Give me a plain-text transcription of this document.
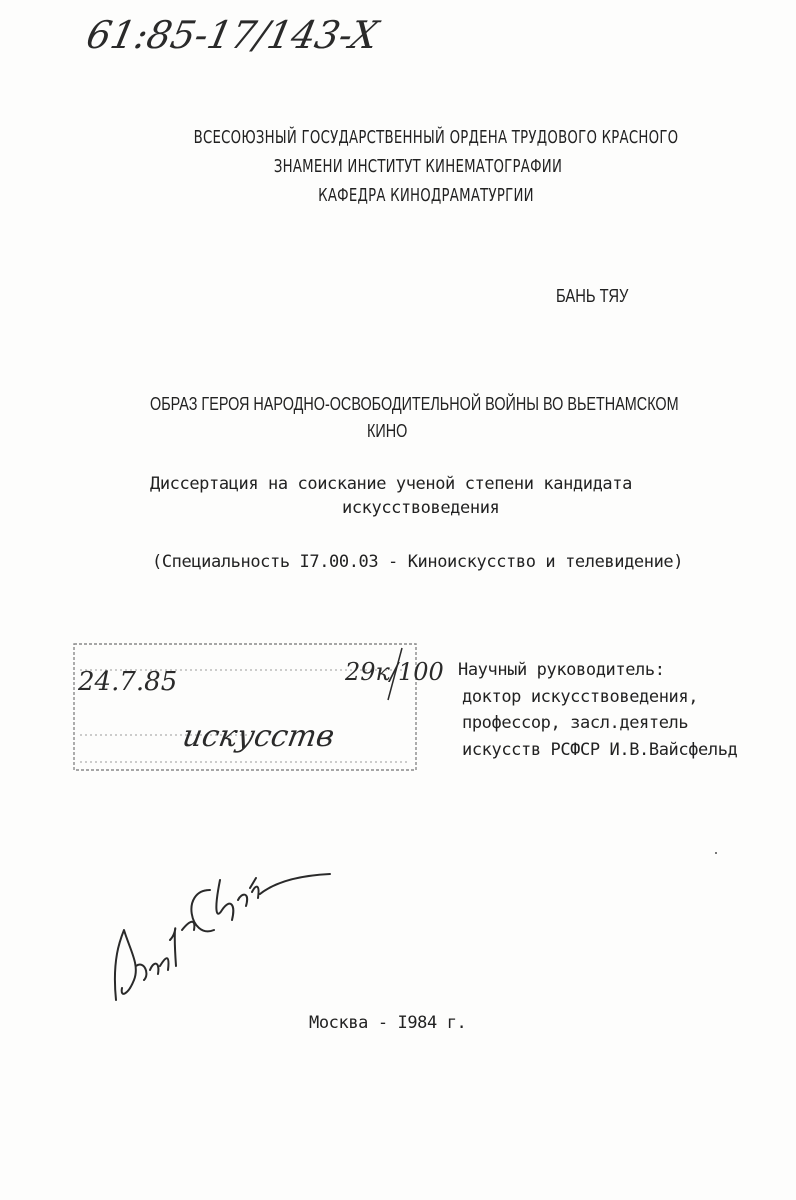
61:85-17/143-X
ВСЕСОЮЗНЫЙ ГОСУДАРСТВЕННЫЙ ОРДЕНА ТРУДОВОГО КРАСНОГО
ЗНАМЕНИ ИНСТИТУТ КИНЕМАТОГРАФИИ
КАФЕДРА КИНОДРАМАТУРГИИ
БАНЬ ТЯУ
ОБРАЗ ГЕРОЯ НАРОДНО-ОСВОБОДИТЕЛЬНОЙ ВОЙНЫ ВО ВЬЕТНАМСКОМ
КИНО
Диссертация на соискание ученой степени кандидата
искусствоведения
(Специальность I7.00.03 - Киноискусство и телевидение)
24.7.85	29к/100
искусств
Научный руководитель:
доктор искусствоведения,
профессор, засл.деятель
искусств РСФСР И.В.Вайсфельд
Москва - I984 г.
